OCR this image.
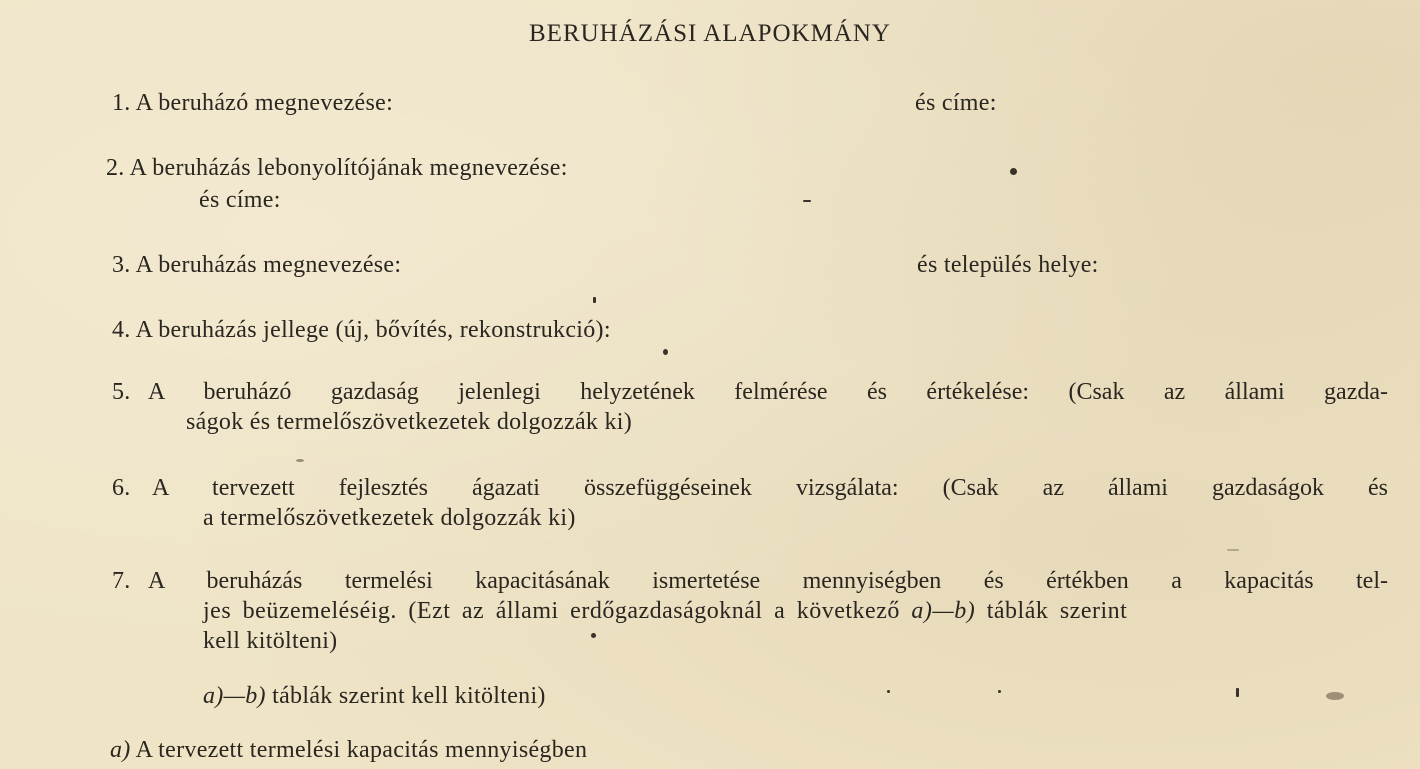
BERUHÁZÁSI ALAPOKMÁNY
1. A beruházó megnevezése:	és címe:
2. A beruházás lebonyolítójának megnevezése:
és címe:
3. A beruházás megnevezése:	és település helye:
4. A beruházás jellege (új, bővítés, rekonstrukció):
5. A beruházó gazdaság jelenlegi helyzetének felmérése és értékelése: (Csak az állami gazda-
ságok és termelőszövetkezetek dolgozzák ki)
6. A tervezett fejlesztés ágazati összefüggéseinek vizsgálata: (Csak az állami gazdaságok és
a termelőszövetkezetek dolgozzák ki)
7. A beruházás termelési kapacitásának ismertetése mennyiségben és értékben a kapacitás tel-
jes beüzemeléséig. (Ezt az állami erdőgazdaságoknál a következő a)—b) táblák szerint
kell kitölteni)
a)—b) táblák szerint kell kitölteni)
a) A tervezett termelési kapacitás mennyiségben
